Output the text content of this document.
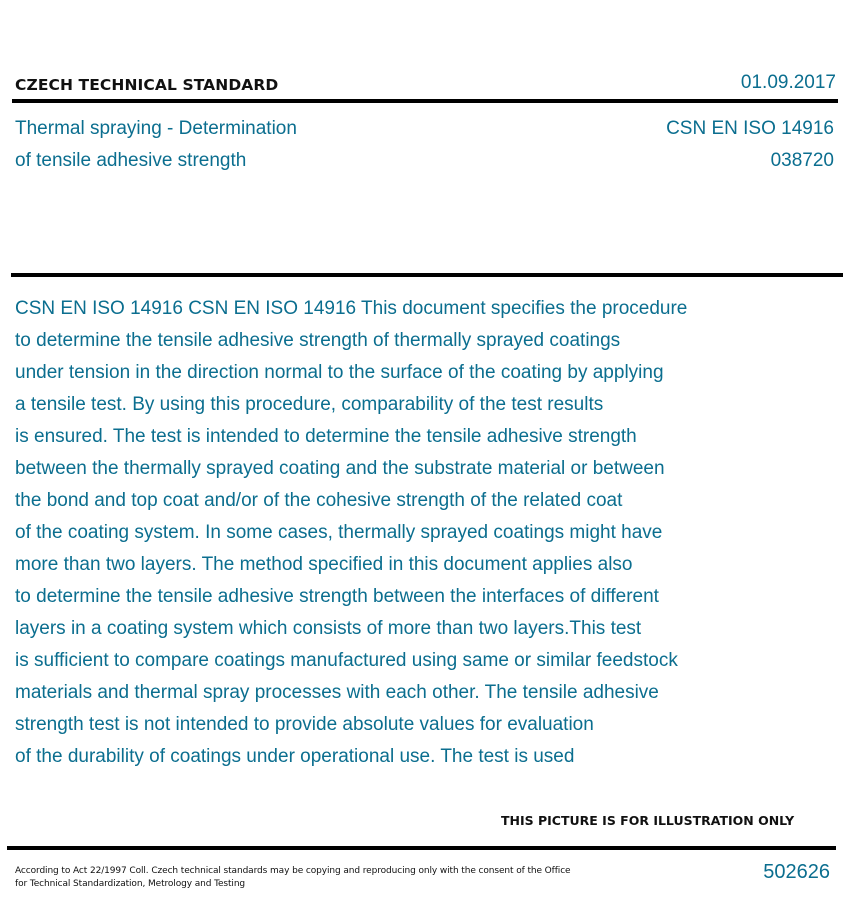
CZECH TECHNICAL STANDARD	01.09.2017
Thermal spraying - Determination
of tensile adhesive strength
CSN EN ISO 14916
038720
CSN EN ISO 14916 CSN EN ISO 14916 This document specifies the procedure
to determine the tensile adhesive strength of thermally sprayed coatings
under tension in the direction normal to the surface of the coating by applying
a tensile test. By using this procedure, comparability of the test results
is ensured. The test is intended to determine the tensile adhesive strength
between the thermally sprayed coating and the substrate material or between
the bond and top coat and/or of the cohesive strength of the related coat
of the coating system. In some cases, thermally sprayed coatings might have
more than two layers. The method specified in this document applies also
to determine the tensile adhesive strength between the interfaces of different
layers in a coating system which consists of more than two layers.This test
is sufficient to compare coatings manufactured using same or similar feedstock
materials and thermal spray processes with each other. The tensile adhesive
strength test is not intended to provide absolute values for evaluation
of the durability of coatings under operational use. The test is used
THIS PICTURE IS FOR ILLUSTRATION ONLY
According to Act 22/1997 Coll. Czech technical standards may be copying and reproducing only with the consent of the Office
for Technical Standardization, Metrology and Testing
502626
